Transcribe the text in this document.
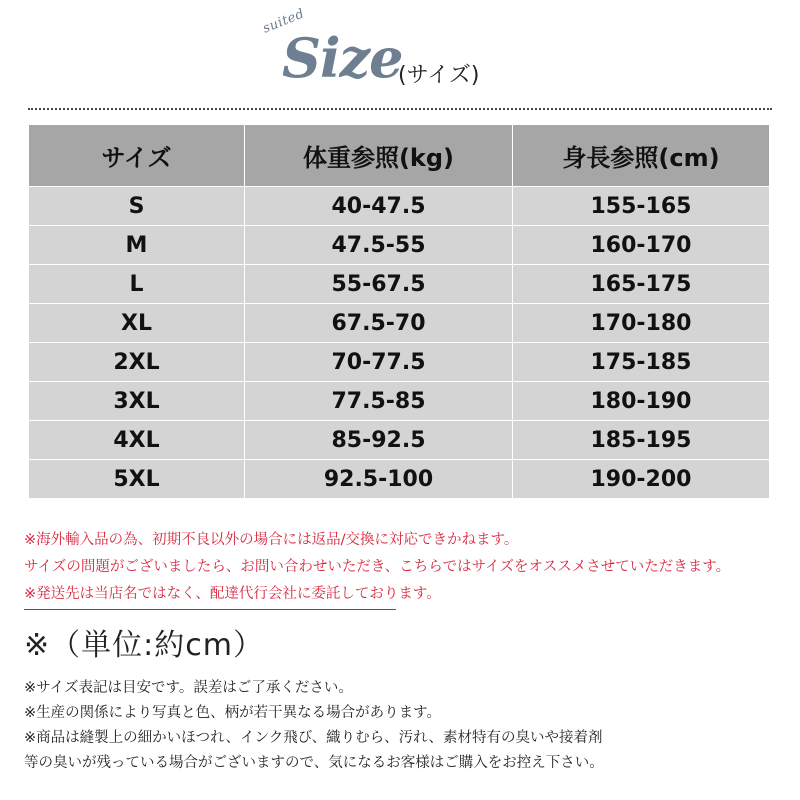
suited
Size
(サイズ)
サイズ	体重参照(kg)	身長参照(cm)
S	40-47.5	155-165
M	47.5-55	160-170
L	55-67.5	165-175
XL	67.5-70	170-180
2XL	70-77.5	175-185
3XL	77.5-85	180-190
4XL	85-92.5	185-195
5XL	92.5-100	190-200
※海外輸入品の為、初期不良以外の場合には返品/交換に対応できかねます。
サイズの問題がございましたら、お問い合わせいただき、こちらではサイズをオススメさせていただきます。
※発送先は当店名ではなく、配達代行会社に委託しております。
※（単位:約cm）
※サイズ表記は目安です。誤差はご了承ください。
※生産の関係により写真と色、柄が若干異なる場合があります。
※商品は縫製上の細かいほつれ、インク飛び、織りむら、汚れ、素材特有の臭いや接着剤
等の臭いが残っている場合がございますので、気になるお客様はご購入をお控え下さい。
